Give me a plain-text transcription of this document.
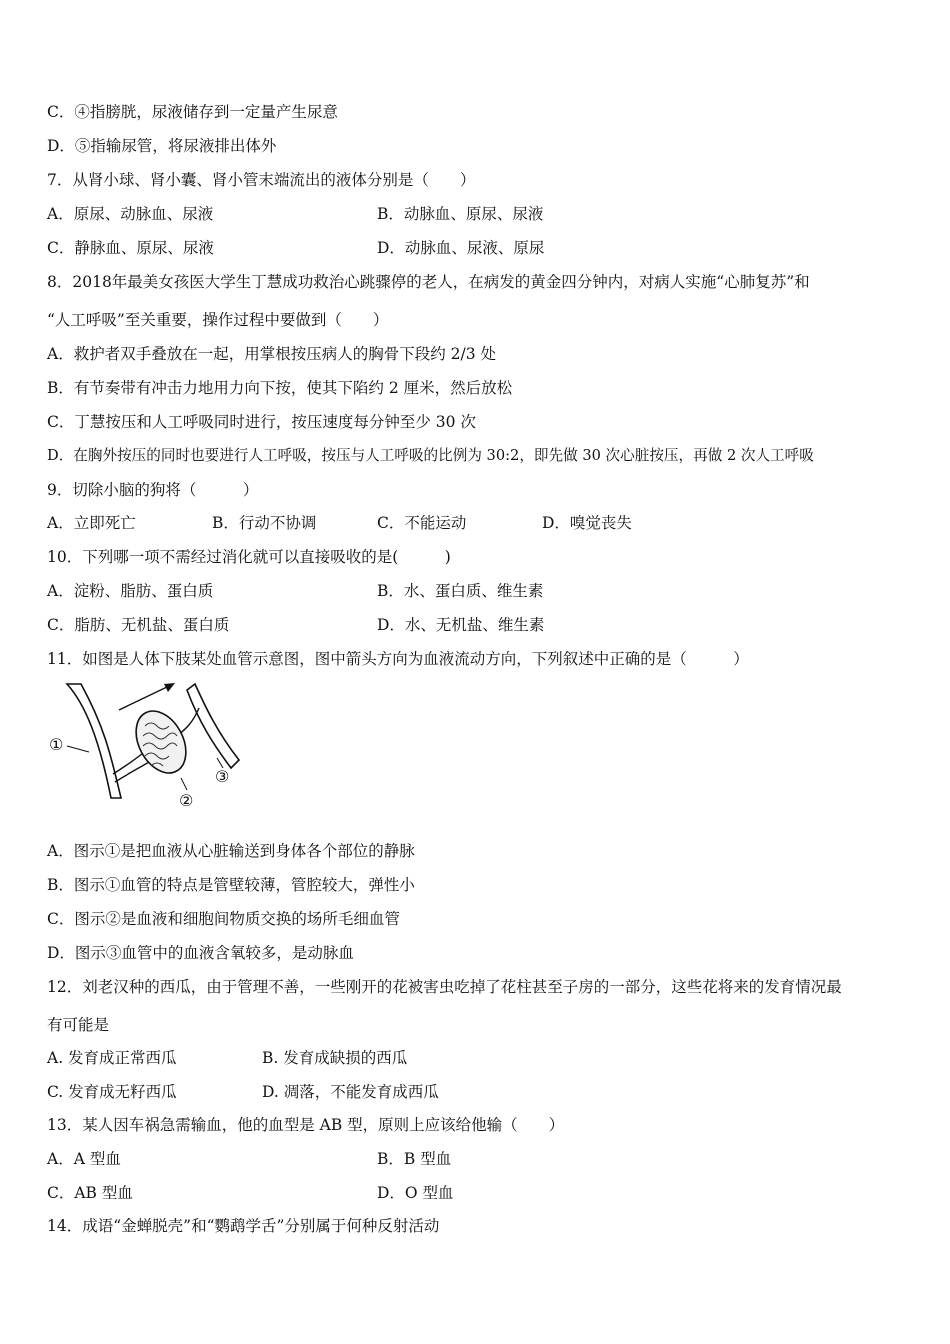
C．④指膀胱，尿液储存到一定量产生尿意
D．⑤指输尿管，将尿液排出体外
7．从肾小球、肾小囊、肾小管末端流出的液体分别是（　　）
A．原尿、动脉血、尿液	B．动脉血、原尿、尿液
C．静脉血、原尿、尿液	D．动脉血、尿液、原尿
8．2018年最美女孩医大学生丁慧成功救治心跳骤停的老人，在病发的黄金四分钟内，对病人实施“心肺复苏”和
“人工呼吸”至关重要，操作过程中要做到（　　）
A．救护者双手叠放在一起，用掌根按压病人的胸骨下段约 2/3 处
B．有节奏带有冲击力地用力向下按，使其下陷约 2 厘米，然后放松
C．丁慧按压和人工呼吸同时进行，按压速度每分钟至少 30 次
D．在胸外按压的同时也要进行人工呼吸，按压与人工呼吸的比例为 30:2，即先做 30 次心脏按压，再做 2 次人工呼吸
9．切除小脑的狗将（　　　）
A．立即死亡	B．行动不协调	C．不能运动	D．嗅觉丧失
10．下列哪一项不需经过消化就可以直接吸收的是(　　　)
A．淀粉、脂肪、蛋白质	B．水、蛋白质、维生素
C．脂肪、无机盐、蛋白质	D．水、无机盐、维生素
11．如图是人体下肢某处血管示意图，图中箭头方向为血液流动方向，下列叙述中正确的是（　　　）
①
②
③
A．图示①是把血液从心脏输送到身体各个部位的静脉
B．图示①血管的特点是管壁较薄，管腔较大，弹性小
C．图示②是血液和细胞间物质交换的场所毛细血管
D．图示③血管中的血液含氧较多，是动脉血
12．刘老汉种的西瓜，由于管理不善，一些刚开的花被害虫吃掉了花柱甚至子房的一部分，这些花将来的发育情况最
有可能是
A. 发育成正常西瓜	B. 发育成缺损的西瓜
C. 发育成无籽西瓜	D. 凋落，不能发育成西瓜
13．某人因车祸急需输血，他的血型是 AB 型，原则上应该给他输（　　）
A．A 型血	B．B 型血
C．AB 型血	D．O 型血
14．成语“金蝉脱壳”和“鹦鹉学舌”分别属于何种反射活动
